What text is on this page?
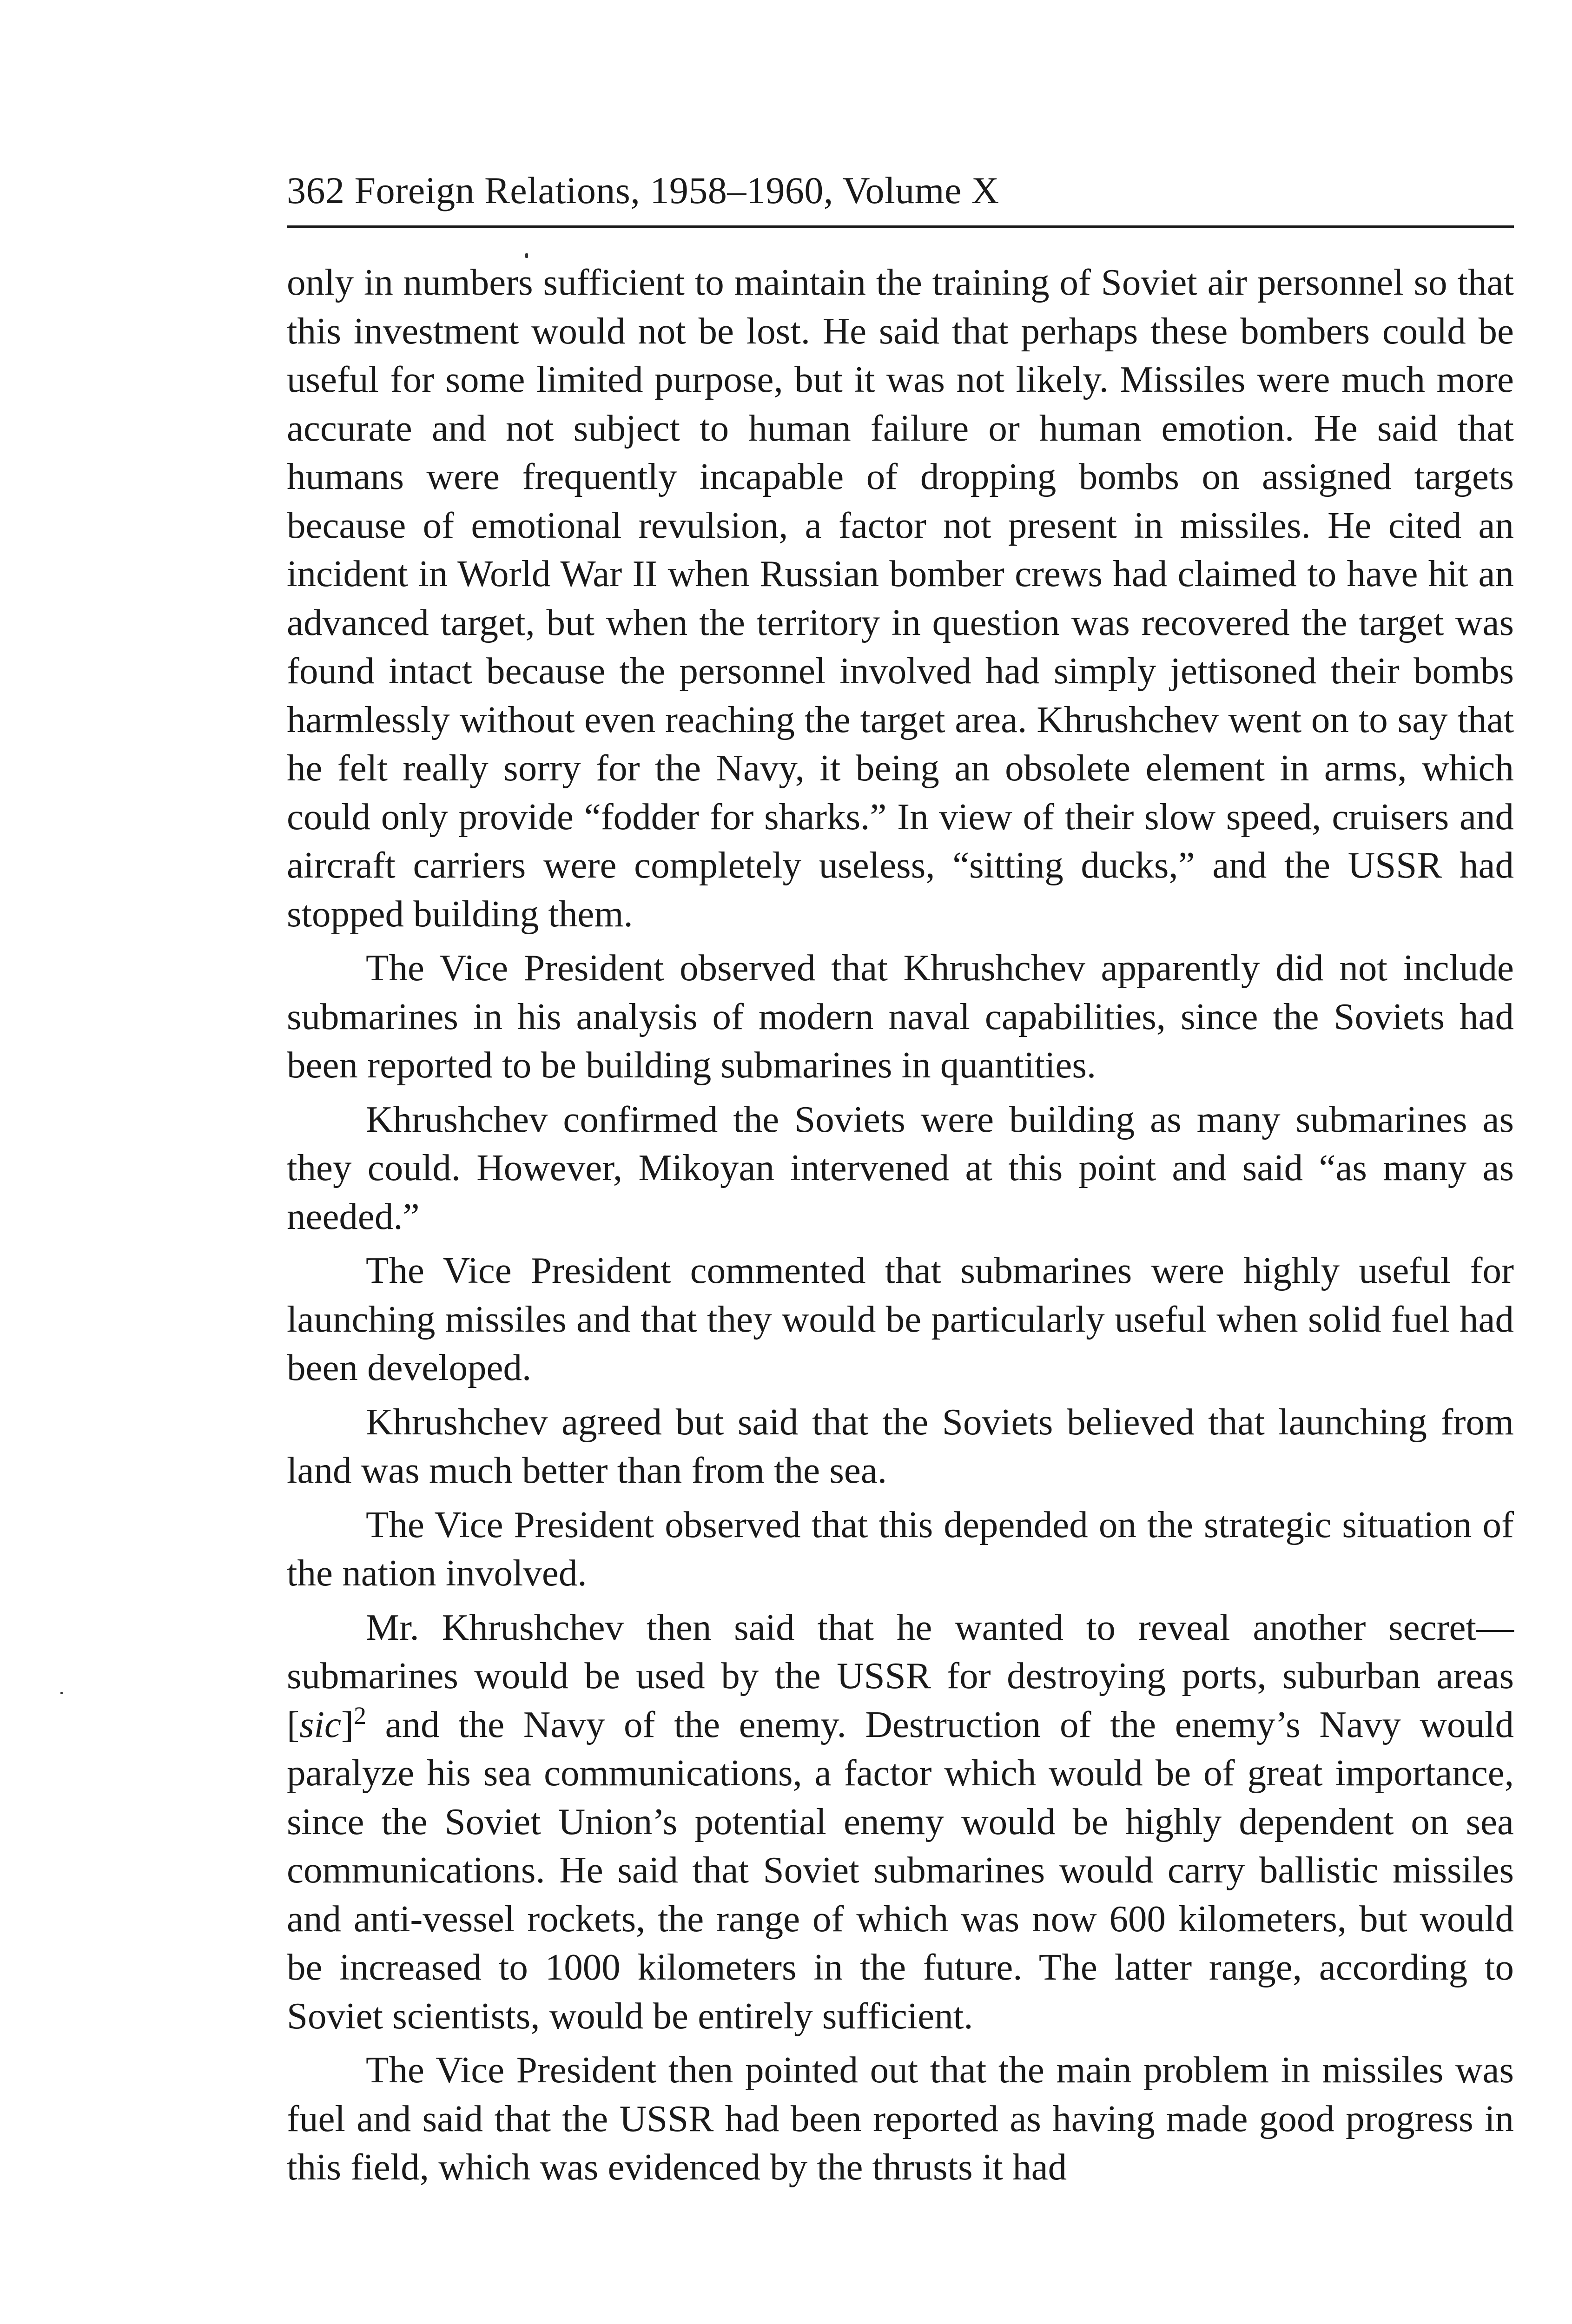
362 Foreign Relations, 1958–1960, Volume X

only in numbers sufficient to maintain the training of Soviet air personnel so that this investment would not be lost. He said that perhaps these bombers could be useful for some limited purpose, but it was not likely. Missiles were much more accurate and not subject to human failure or human emotion. He said that humans were frequently incapable of dropping bombs on assigned targets because of emotional revulsion, a factor not present in missiles. He cited an incident in World War II when Russian bomber crews had claimed to have hit an advanced target, but when the territory in question was recovered the target was found intact because the personnel involved had simply jettisoned their bombs harmlessly without even reaching the target area. Khrushchev went on to say that he felt really sorry for the Navy, it being an obsolete element in arms, which could only provide “fodder for sharks.” In view of their slow speed, cruisers and aircraft carriers were completely useless, “sitting ducks,” and the USSR had stopped building them.

The Vice President observed that Khrushchev apparently did not include submarines in his analysis of modern naval capabilities, since the Soviets had been reported to be building submarines in quantities.

Khrushchev confirmed the Soviets were building as many submarines as they could. However, Mikoyan intervened at this point and said “as many as needed.”

The Vice President commented that submarines were highly useful for launching missiles and that they would be particularly useful when solid fuel had been developed.

Khrushchev agreed but said that the Soviets believed that launching from land was much better than from the sea.

The Vice President observed that this depended on the strategic situation of the nation involved.

Mr. Khrushchev then said that he wanted to reveal another secret— submarines would be used by the USSR for destroying ports, suburban areas [sic]$^2$ and the Navy of the enemy. Destruction of the enemy’s Navy would paralyze his sea communications, a factor which would be of great importance, since the Soviet Union’s potential enemy would be highly dependent on sea communications. He said that Soviet submarines would carry ballistic missiles and anti-vessel rockets, the range of which was now 600 kilometers, but would be increased to 1000 kilometers in the future. The latter range, according to Soviet scientists, would be entirely sufficient.

The Vice President then pointed out that the main problem in missiles was fuel and said that the USSR had been reported as having made good progress in this field, which was evidenced by the thrusts it had
